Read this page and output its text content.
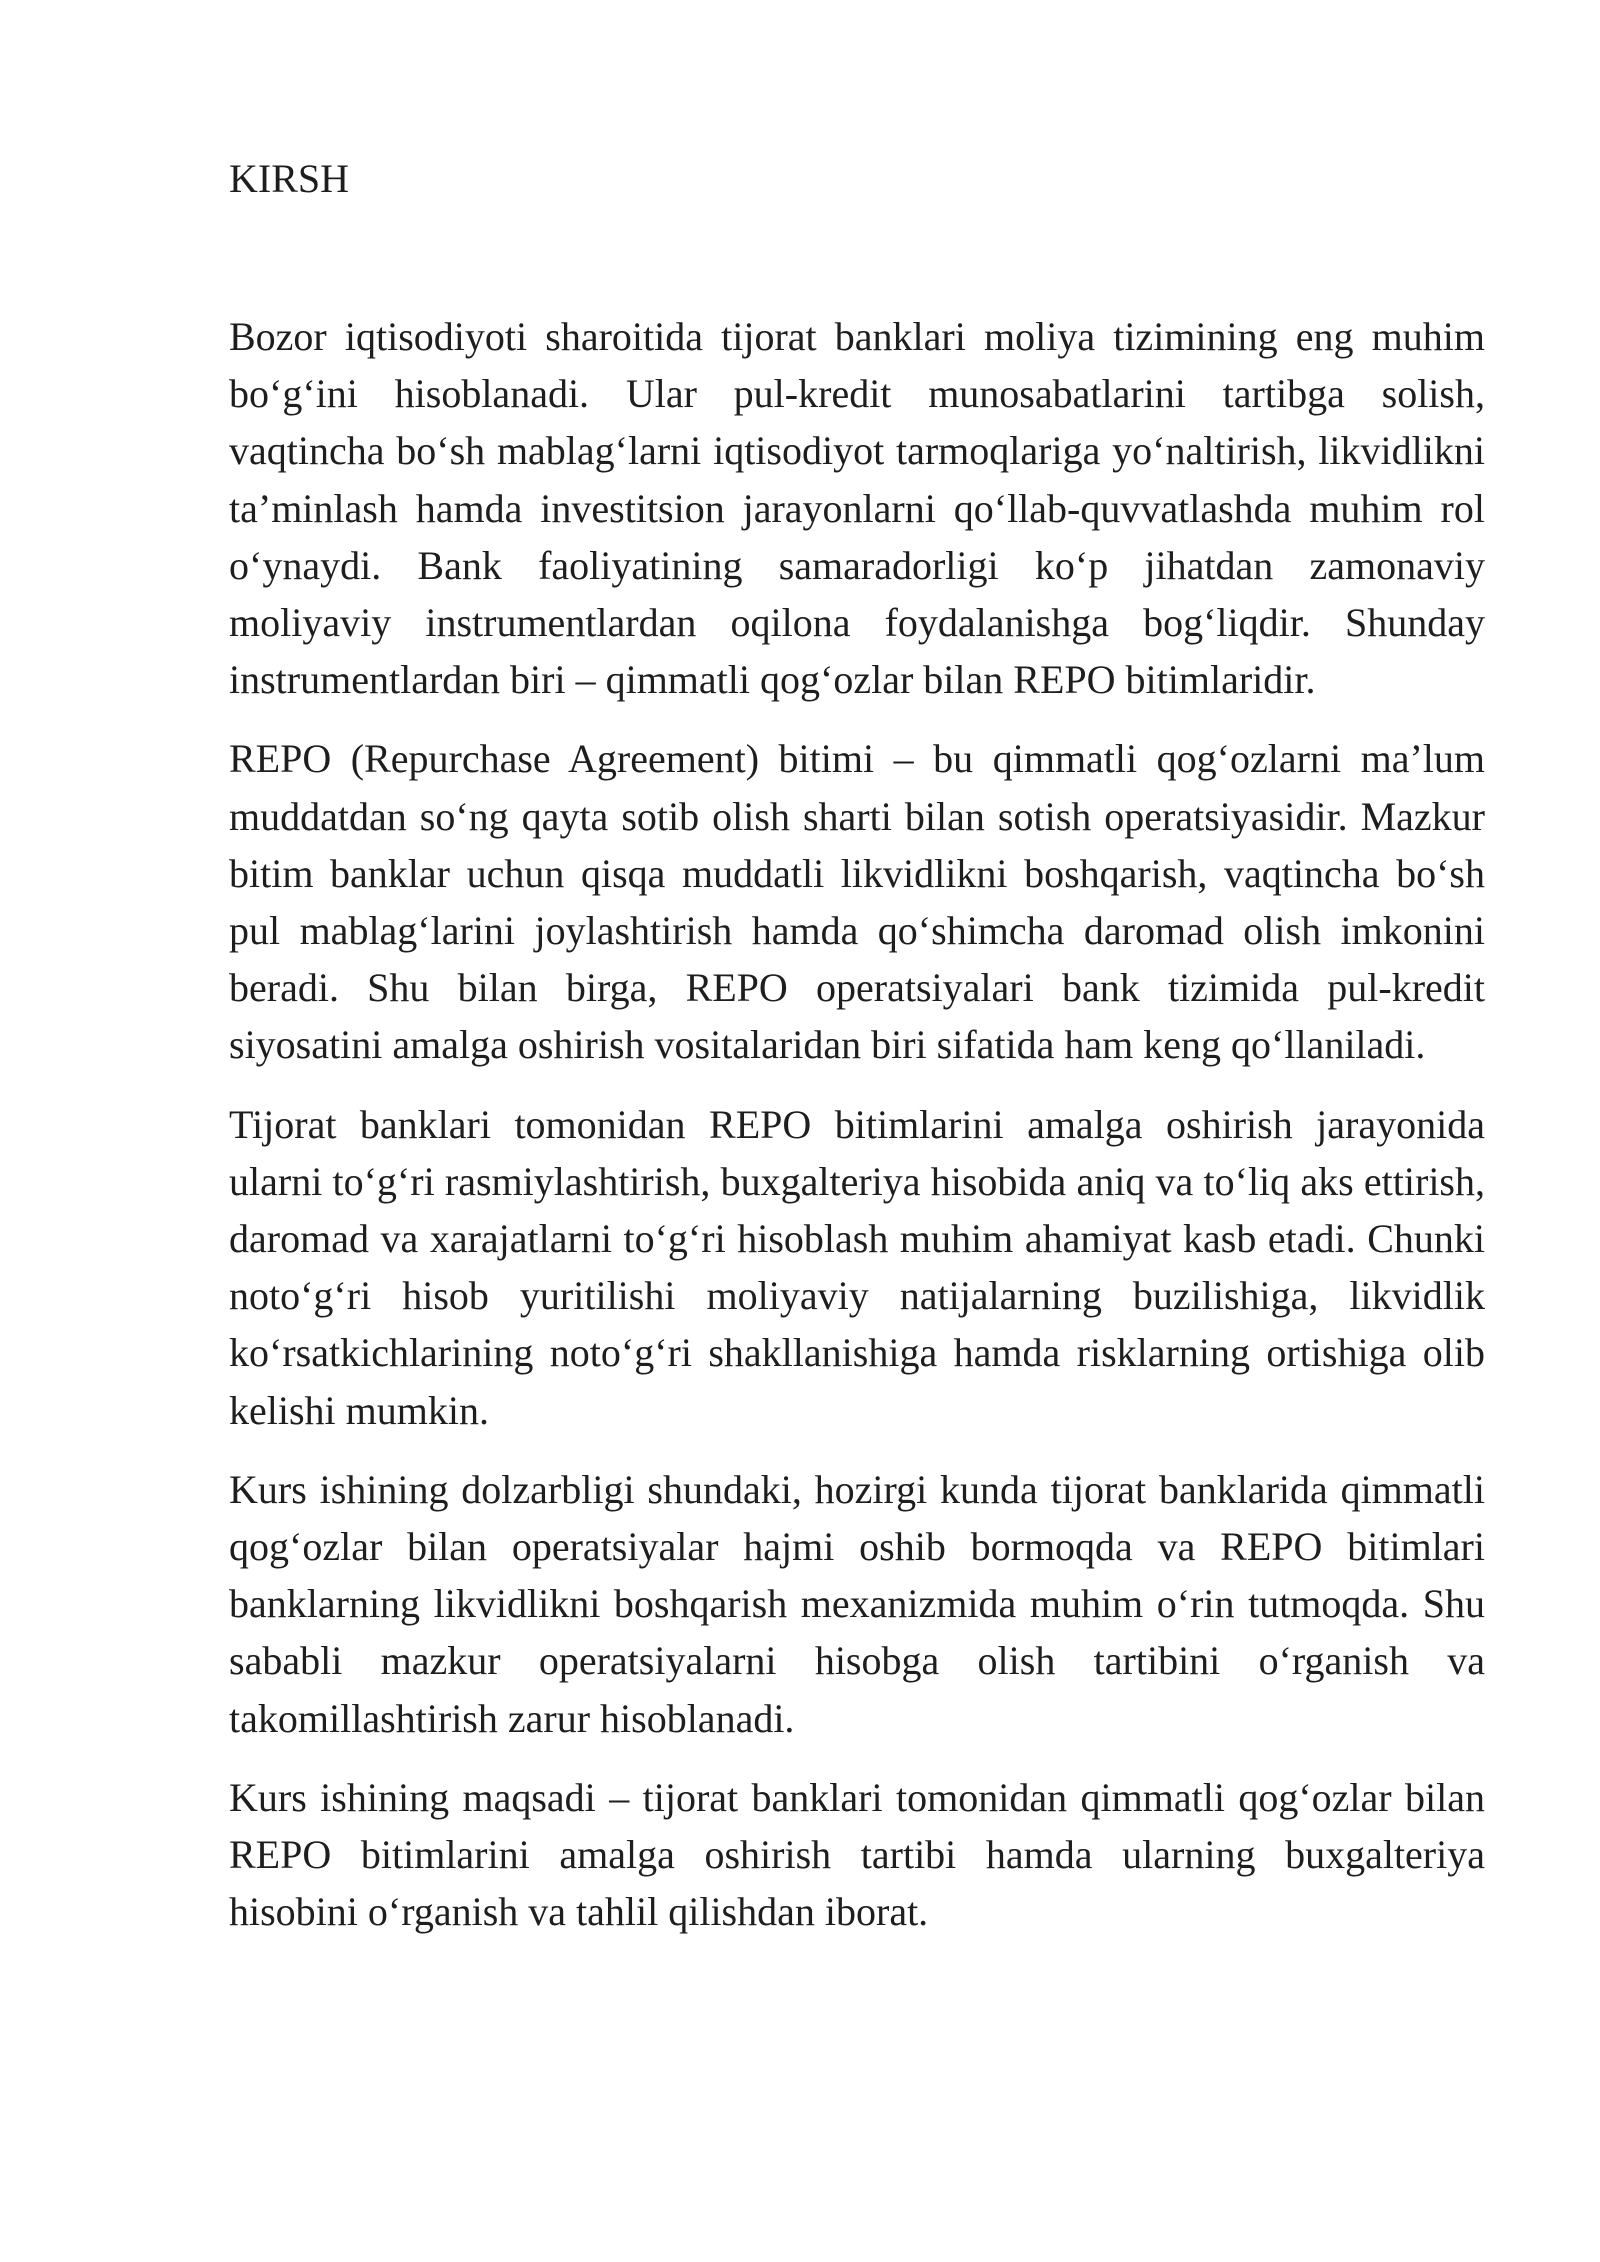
KIRSH

Bozor iqtisodiyoti sharoitida tijorat banklari moliya tizimining eng muhim bo‘g‘ini hisoblanadi. Ular pul-kredit munosabatlarini tartibga solish, vaqtincha bo‘sh mablag‘larni iqtisodiyot tarmoqlariga yo‘naltirish, likvidlikni ta’minlash hamda investitsion jarayonlarni qo‘llab-quvvatlashda muhim rol o‘ynaydi. Bank faoliyatining samaradorligi ko‘p jihatdan zamonaviy moliyaviy instrumentlardan oqilona foydalanishga bog‘liqdir. Shunday instrumentlardan biri – qimmatli qog‘ozlar bilan REPO bitimlaridir.

REPO (Repurchase Agreement) bitimi – bu qimmatli qog‘ozlarni ma’lum muddatdan so‘ng qayta sotib olish sharti bilan sotish operatsiyasidir. Mazkur bitim banklar uchun qisqa muddatli likvidlikni boshqarish, vaqtincha bo‘sh pul mablag‘larini joylashtirish hamda qo‘shimcha daromad olish imkonini beradi. Shu bilan birga, REPO operatsiyalari bank tizimida pul-kredit siyosatini amalga oshirish vositalaridan biri sifatida ham keng qo‘llaniladi.

Tijorat banklari tomonidan REPO bitimlarini amalga oshirish jarayonida ularni to‘g‘ri rasmiylashtirish, buxgalteriya hisobida aniq va to‘liq aks ettirish, daromad va xarajatlarni to‘g‘ri hisoblash muhim ahamiyat kasb etadi. Chunki noto‘g‘ri hisob yuritilishi moliyaviy natijalarning buzilishiga, likvidlik ko‘rsatkichlarining noto‘g‘ri shakllanishiga hamda risklarning ortishiga olib kelishi mumkin.

Kurs ishining dolzarbligi shundaki, hozirgi kunda tijorat banklarida qimmatli qog‘ozlar bilan operatsiyalar hajmi oshib bormoqda va REPO bitimlari banklarning likvidlikni boshqarish mexanizmida muhim o‘rin tutmoqda. Shu sababli mazkur operatsiyalarni hisobga olish tartibini o‘rganish va takomillashtirish zarur hisoblanadi.

Kurs ishining maqsadi – tijorat banklari tomonidan qimmatli qog‘ozlar bilan REPO bitimlarini amalga oshirish tartibi hamda ularning buxgalteriya hisobini o‘rganish va tahlil qilishdan iborat.
